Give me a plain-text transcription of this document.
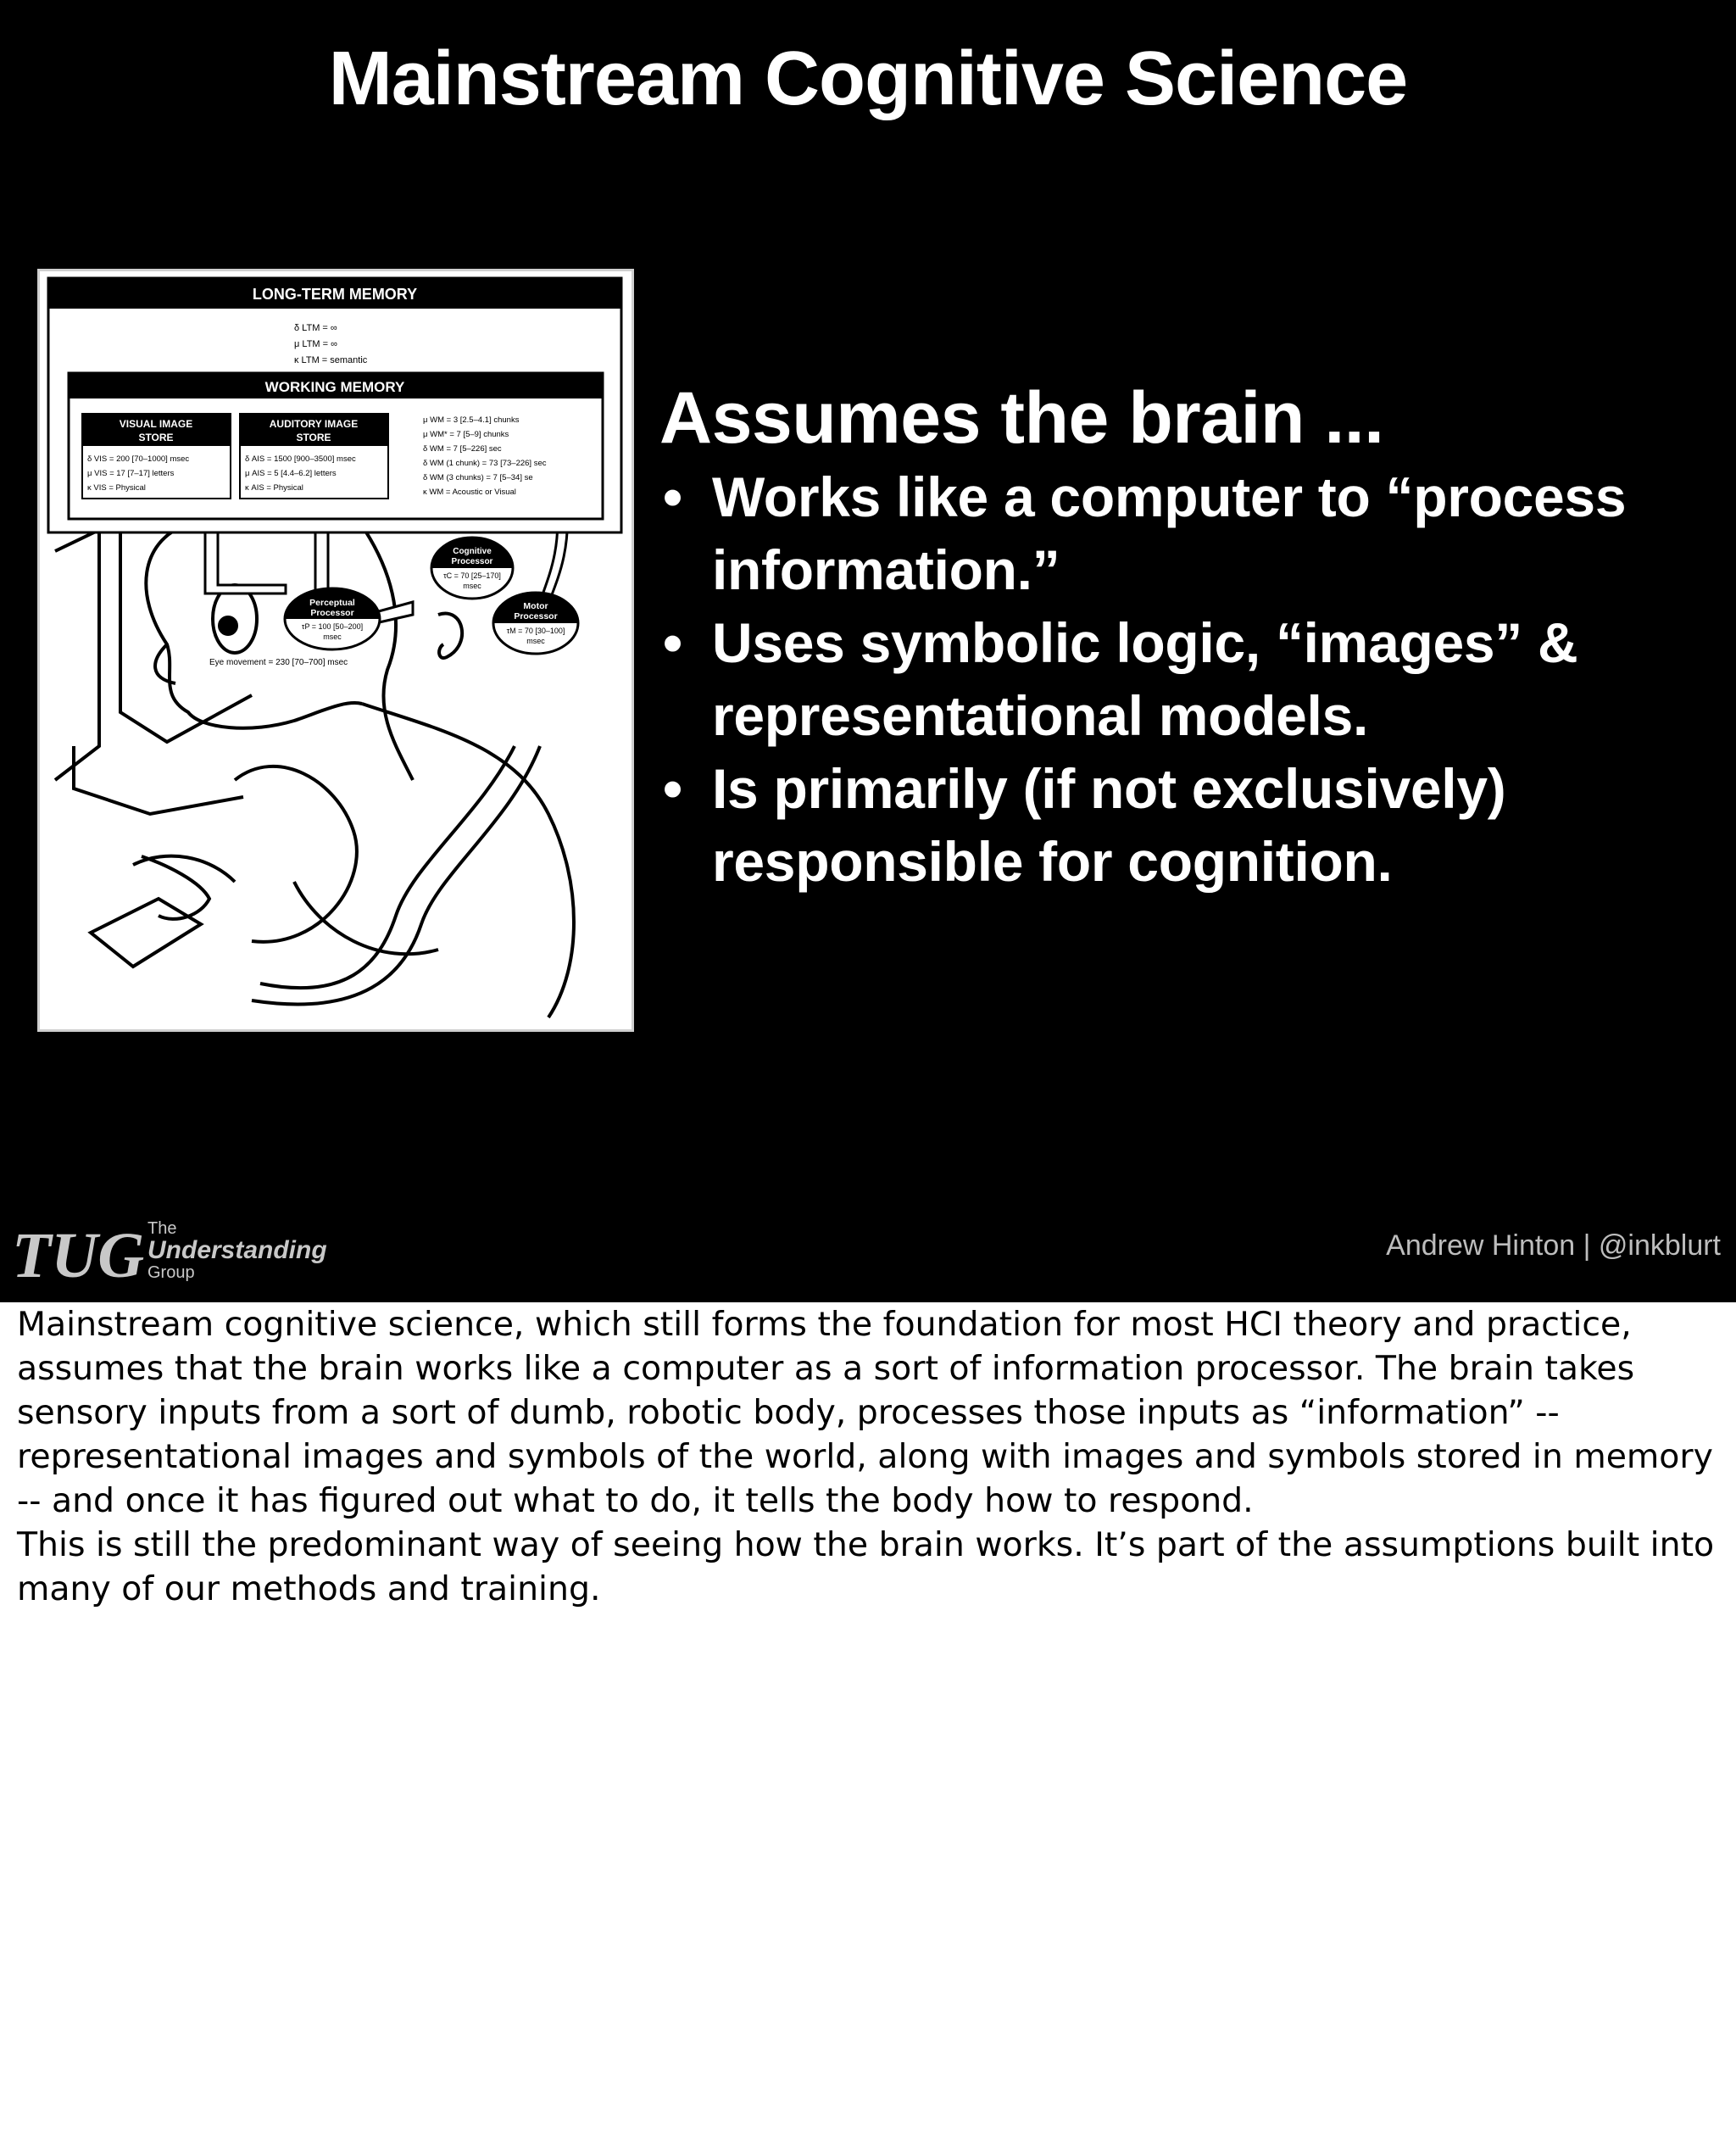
Mainstream Cognitive Science
LONG-TERM MEMORY
δ LTM = ∞
μ LTM = ∞
κ LTM = semantic
WORKING MEMORY
VISUAL IMAGE
STORE
δ VIS = 200 [70–1000] msec
μ VIS = 17 [7–17] letters
κ VIS = Physical
AUDITORY IMAGE
STORE
δ AIS = 1500 [900–3500] msec
μ AIS = 5 [4.4–6.2] letters
κ AIS = Physical
μ WM = 3 [2.5–4.1] chunks
μ WM* = 7 [5–9] chunks
δ WM = 7 [5–226] sec
δ WM (1 chunk) = 73 [73–226] sec
δ WM (3 chunks) = 7 [5–34] se
κ WM = Acoustic or Visual
Cognitive
Processor
τC = 70 [25–170]
msec
Perceptual
Processor
τP = 100 [50–200]
msec
Motor
Processor
τM = 70 [30–100]
msec
Eye movement = 230 [70–700] msec
Assumes the brain ...
• Works like a computer to “process information.”
• Uses symbolic logic, “images” & representational models.
• Is primarily (if not exclusively) responsible for cognition.
TUG The
Understanding
Group
Andrew Hinton | @inkblurt

Mainstream cognitive science, which still forms the foundation for most HCI theory and practice, assumes that the brain works like a computer as a sort of information processor. The brain takes sensory inputs from a sort of dumb, robotic body, processes those inputs as “information” -- representational images and symbols of the world, along with images and symbols stored in memory -- and once it has figured out what to do, it tells the body how to respond.

This is still the predominant way of seeing how the brain works. It’s part of the assumptions built into many of our methods and training.
